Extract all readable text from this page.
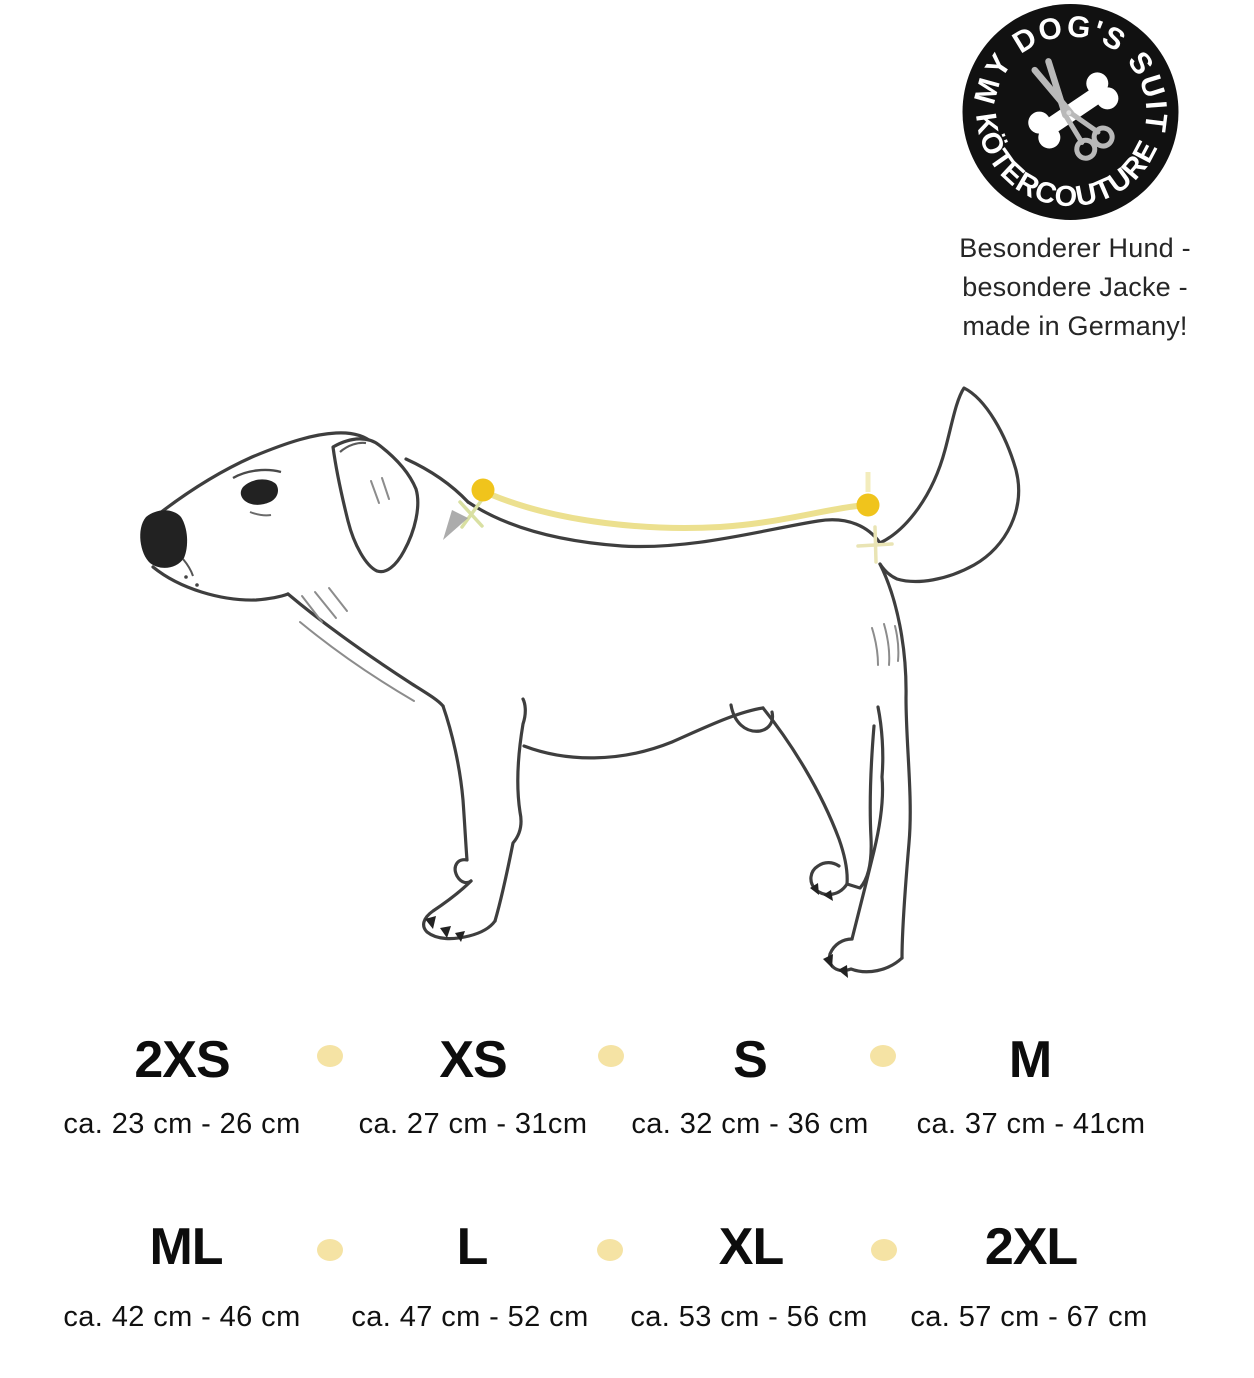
MY DOG'S SUIT
KÖTERCOUTURE
Besonderer Hund -
besondere Jacke -
made in Germany!
2XS	XS	S	M
ca. 23 cm - 26 cm ca. 27 cm - 31cm ca. 32 cm - 36 cm ca. 37 cm - 41cm
ML	L	XL	2XL
ca. 42 cm - 46 cm ca. 47 cm - 52 cm ca. 53 cm - 56 cm ca. 57 cm - 67 cm
